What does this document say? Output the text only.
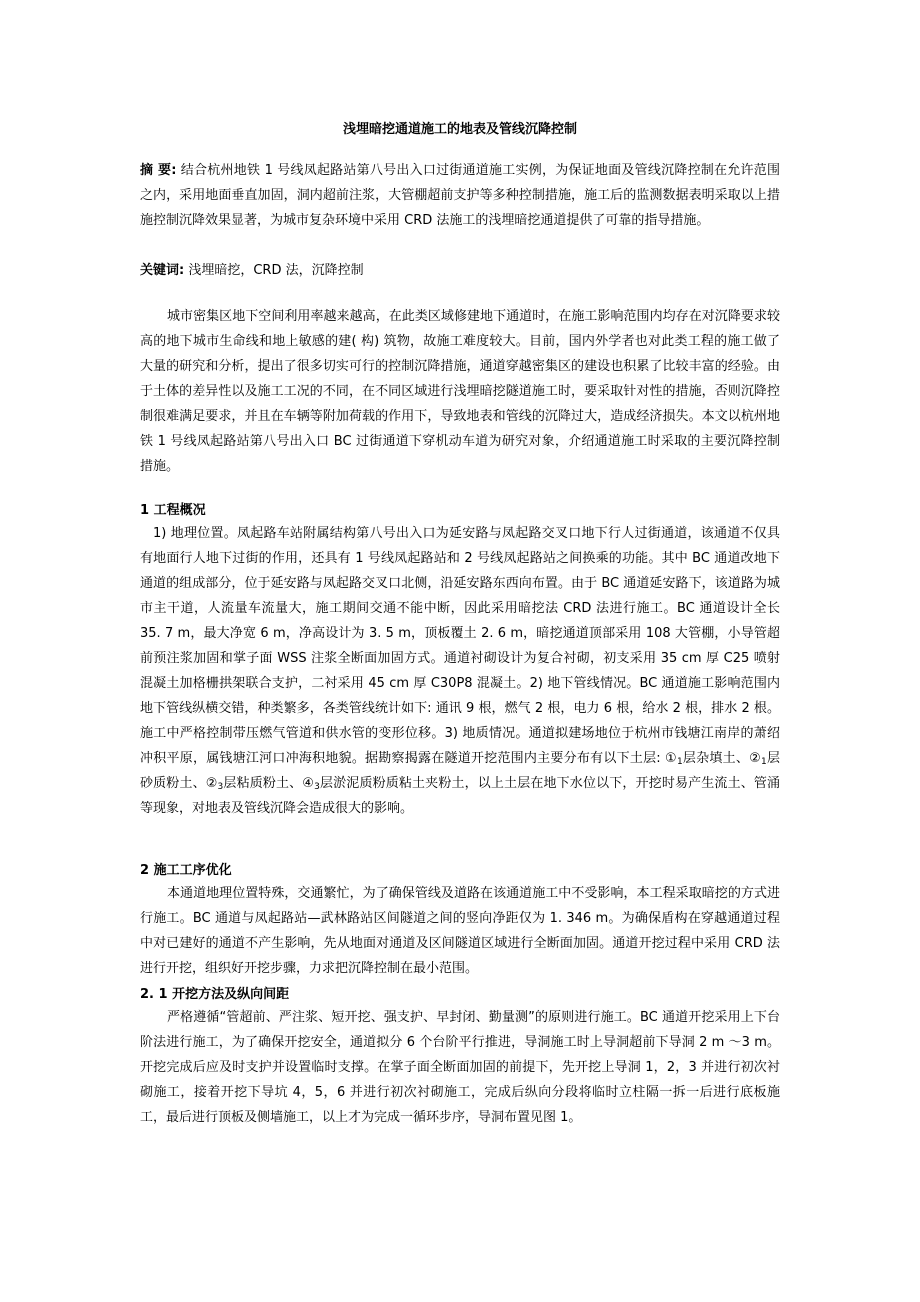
浅埋暗挖通道施工的地表及管线沉降控制

摘 要: 结合杭州地铁 1 号线凤起路站第八号出入口过街通道施工实例，为保证地面及管线沉降控制在允许范围之内，采用地面垂直加固，洞内超前注浆，大管棚超前支护等多种控制措施，施工后的监测数据表明采取以上措施控制沉降效果显著，为城市复杂环境中采用 CRD 法施工的浅埋暗挖通道提供了可靠的指导措施。

关键词: 浅埋暗挖，CRD 法，沉降控制

城市密集区地下空间利用率越来越高，在此类区域修建地下通道时，在施工影响范围内均存在对沉降要求较高的地下城市生命线和地上敏感的建( 构) 筑物，故施工难度较大。目前，国内外学者也对此类工程的施工做了大量的研究和分析，提出了很多切实可行的控制沉降措施，通道穿越密集区的建设也积累了比较丰富的经验。由于土体的差异性以及施工工况的不同，在不同区域进行浅埋暗挖隧道施工时，要采取针对性的措施，否则沉降控制很难满足要求，并且在车辆等附加荷载的作用下，导致地表和管线的沉降过大，造成经济损失。本文以杭州地铁 1 号线凤起路站第八号出入口 BC 过街通道下穿机动车道为研究对象，介绍通道施工时采取的主要沉降控制措施。

1 工程概况

1) 地理位置。凤起路车站附属结构第八号出入口为延安路与凤起路交叉口地下行人过街通道，该通道不仅具有地面行人地下过街的作用，还具有 1 号线凤起路站和 2 号线凤起路站之间换乘的功能。其中 BC 通道改地下通道的组成部分，位于延安路与凤起路交叉口北侧，沿延安路东西向布置。由于 BC 通道延安路下，该道路为城市主干道，人流量车流量大，施工期间交通不能中断，因此采用暗挖法 CRD 法进行施工。BC 通道设计全长 35. 7 m，最大净宽 6 m，净高设计为 3. 5 m，顶板覆土 2. 6 m，暗挖通道顶部采用 108 大管棚，小导管超前预注浆加固和掌子面 WSS 注浆全断面加固方式。通道衬砌设计为复合衬砌，初支采用 35 cm 厚 C25 喷射混凝土加格栅拱架联合支护，二衬采用 45 cm 厚 C30P8 混凝土。2) 地下管线情况。BC 通道施工影响范围内地下管线纵横交错，种类繁多，各类管线统计如下: 通讯 9 根，燃气 2 根，电力 6 根，给水 2 根，排水 2 根。施工中严格控制带压燃气管道和供水管的变形位移。3) 地质情况。通道拟建场地位于杭州市钱塘江南岸的萧绍冲积平原，属钱塘江河口冲海积地貌。据勘察揭露在隧道开挖范围内主要分布有以下土层: $①_1$层杂填土、$②_1$层砂质粉土、$②_3$层粘质粉土、$④_3$层淤泥质粉质粘土夹粉土，以上土层在地下水位以下，开挖时易产生流土、管涌等现象，对地表及管线沉降会造成很大的影响。

2 施工工序优化

本通道地理位置特殊，交通繁忙，为了确保管线及道路在该通道施工中不受影响，本工程采取暗挖的方式进行施工。BC 通道与凤起路站—武林路站区间隧道之间的竖向净距仅为 1. 346 m。为确保盾构在穿越通道过程中对已建好的通道不产生影响，先从地面对通道及区间隧道区域进行全断面加固。通道开挖过程中采用 CRD 法进行开挖，组织好开挖步骤，力求把沉降控制在最小范围。

2. 1 开挖方法及纵向间距

严格遵循“管超前、严注浆、短开挖、强支护、早封闭、勤量测”的原则进行施工。BC 通道开挖采用上下台阶法进行施工，为了确保开挖安全，通道拟分 6 个台阶平行推进，导洞施工时上导洞超前下导洞 2 m ～3 m。开挖完成后应及时支护并设置临时支撑。在掌子面全断面加固的前提下，先开挖上导洞 1，2，3 并进行初次衬砌施工，接着开挖下导坑 4，5，6 并进行初次衬砌施工，完成后纵向分段将临时立柱隔一拆一后进行底板施工，最后进行顶板及侧墙施工，以上才为完成一循环步序，导洞布置见图 1。
